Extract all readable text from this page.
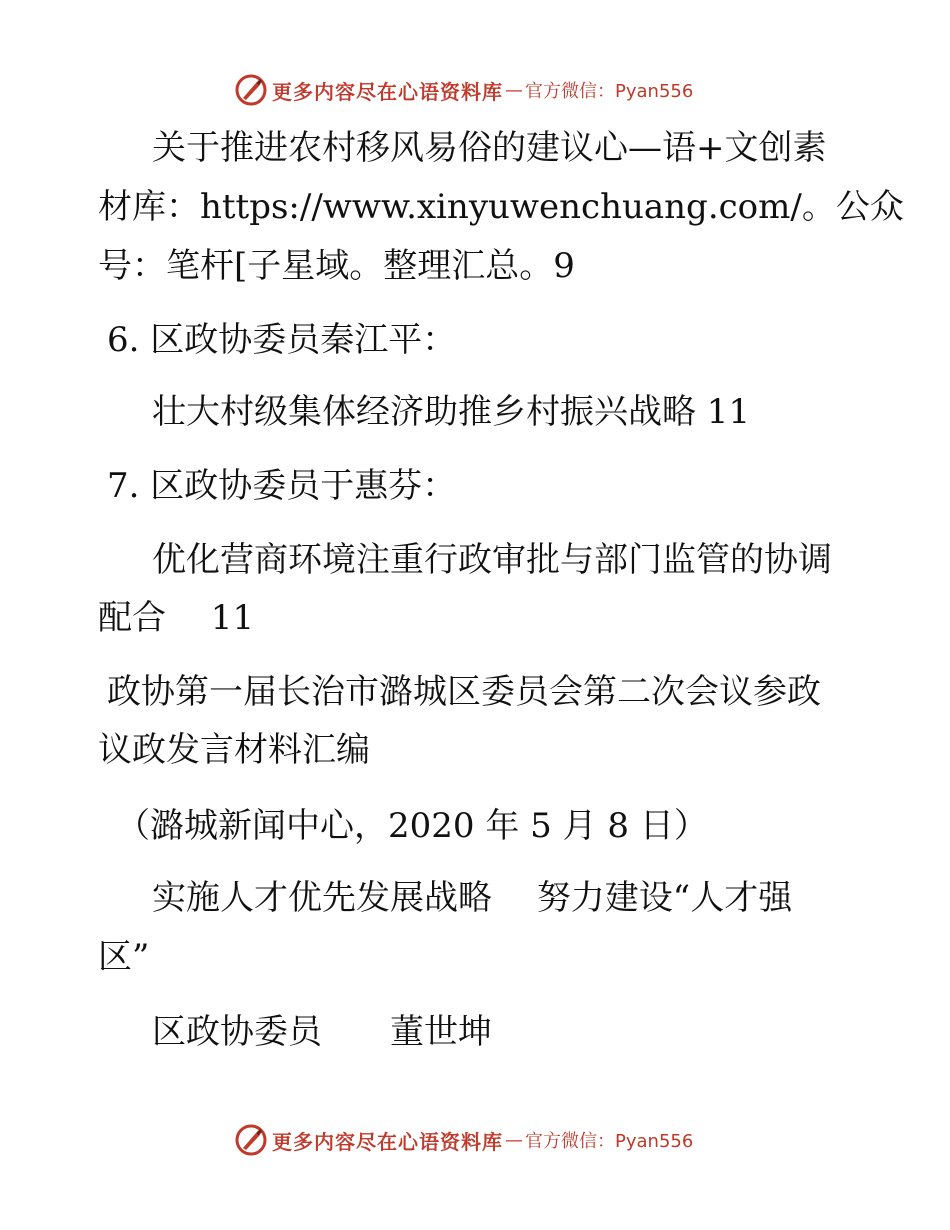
更多内容尽在心语资料库 — 官方微信：Pyan556

关于推进农村移风易俗的建议心—语+文创素

材库：https://www.xinyuwenchuang.com/。公众

号：笔杆[子星域。整理汇总。9

6. 区政协委员秦江平：

壮大村级集体经济助推乡村振兴战略 11

7. 区政协委员于惠芬：

优化营商环境注重行政审批与部门监管的协调

配合　 11

政协第一届长治市潞城区委员会第二次会议参政

议政发言材料汇编

（潞城新闻中心，2020 年 5 月 8 日）

实施人才优先发展战略　 努力建设“人才强

区”

区政协委员　　董世坤

更多内容尽在心语资料库 — 官方微信：Pyan556
